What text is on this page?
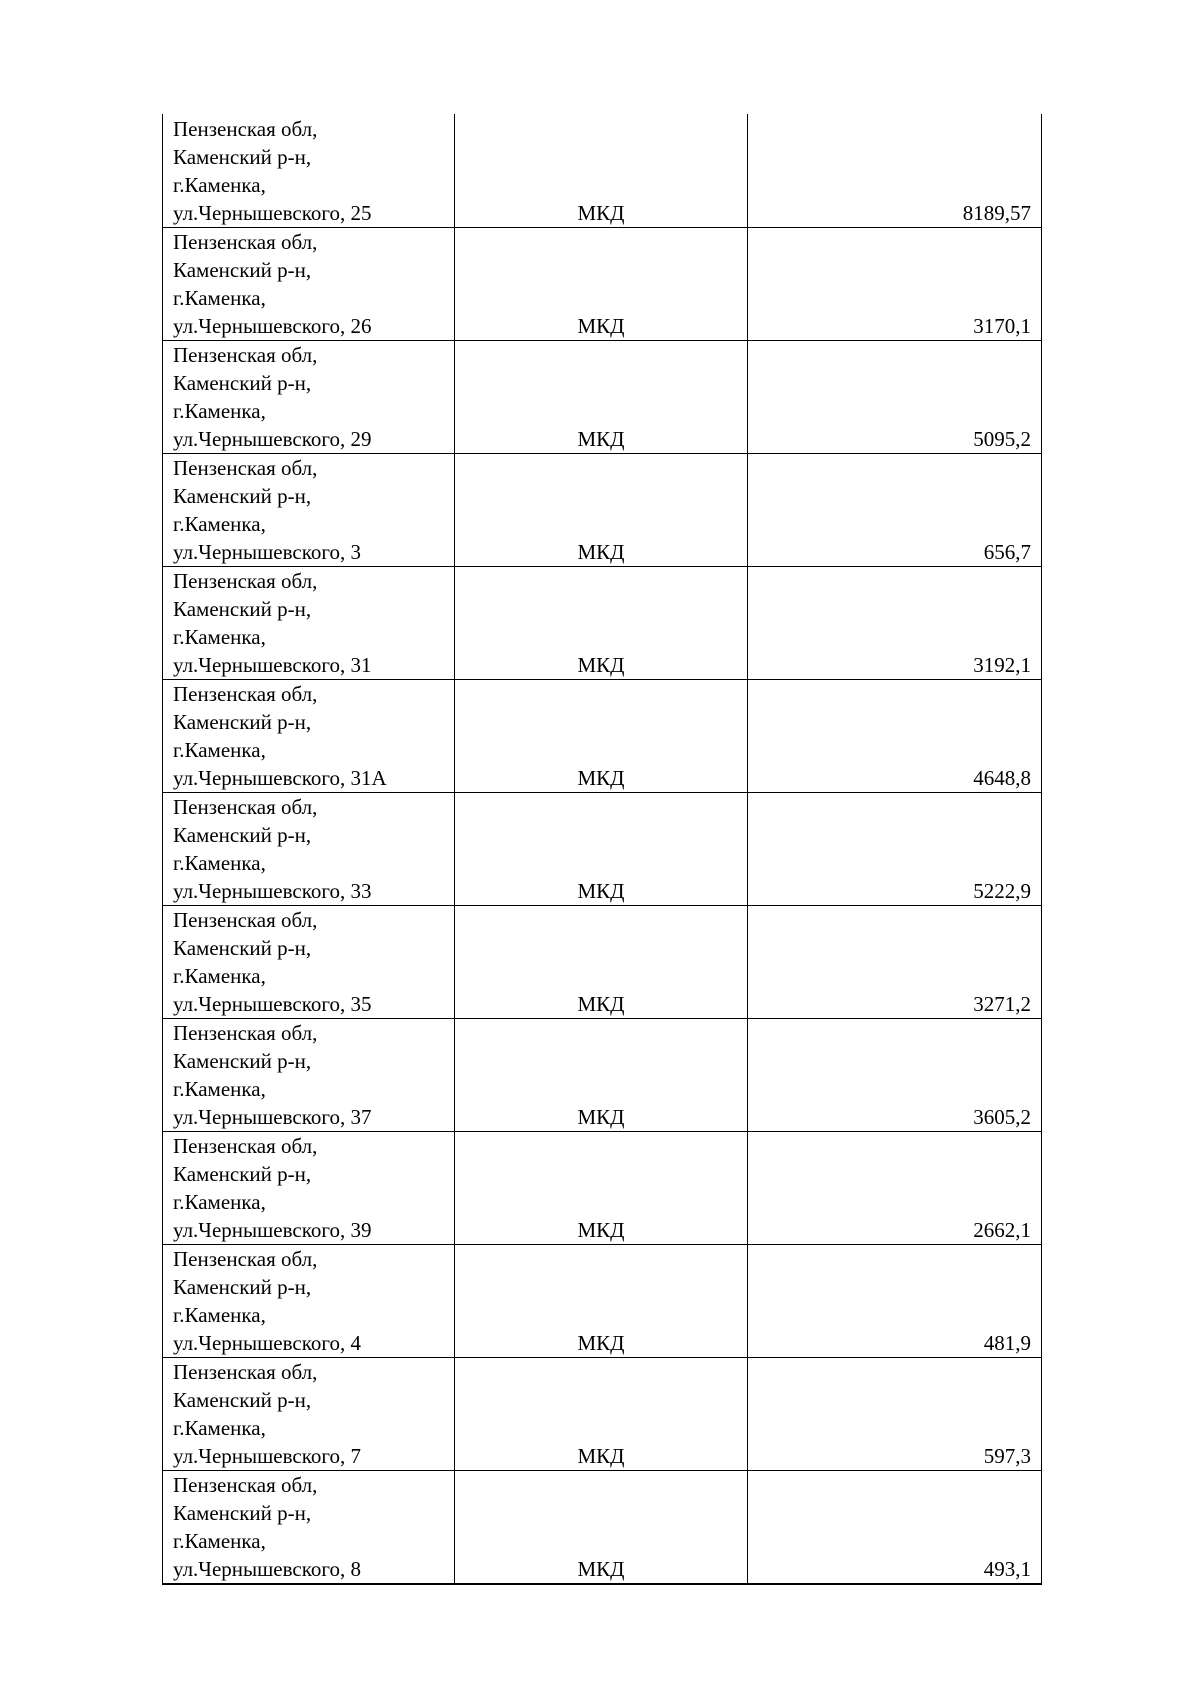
Пензенская обл,
Каменский р-н,
г.Каменка,
ул.Чернышевского, 25	МКД	8189,57

Пензенская обл,
Каменский р-н,
г.Каменка,
ул.Чернышевского, 26	МКД	3170,1

Пензенская обл,
Каменский р-н,
г.Каменка,
ул.Чернышевского, 29	МКД	5095,2

Пензенская обл,
Каменский р-н,
г.Каменка,
ул.Чернышевского, 3	МКД	656,7

Пензенская обл,
Каменский р-н,
г.Каменка,
ул.Чернышевского, 31	МКД	3192,1

Пензенская обл,
Каменский р-н,
г.Каменка,
ул.Чернышевского, 31А	МКД	4648,8

Пензенская обл,
Каменский р-н,
г.Каменка,
ул.Чернышевского, 33	МКД	5222,9

Пензенская обл,
Каменский р-н,
г.Каменка,
ул.Чернышевского, 35	МКД	3271,2

Пензенская обл,
Каменский р-н,
г.Каменка,
ул.Чернышевского, 37	МКД	3605,2

Пензенская обл,
Каменский р-н,
г.Каменка,
ул.Чернышевского, 39	МКД	2662,1

Пензенская обл,
Каменский р-н,
г.Каменка,
ул.Чернышевского, 4	МКД	481,9

Пензенская обл,
Каменский р-н,
г.Каменка,
ул.Чернышевского, 7	МКД	597,3

Пензенская обл,
Каменский р-н,
г.Каменка,
ул.Чернышевского, 8	МКД	493,1
